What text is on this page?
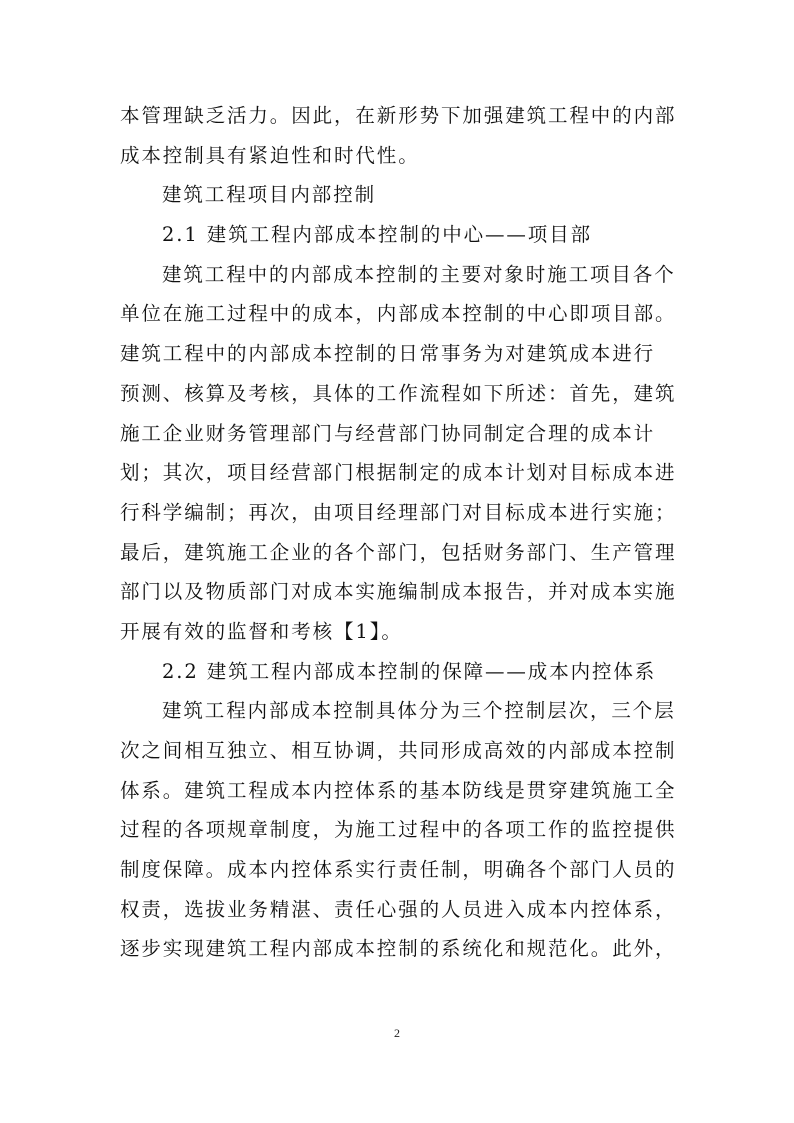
本管理缺乏活力。因此，在新形势下加强建筑工程中的内部
成本控制具有紧迫性和时代性。
建筑工程项目内部控制
2.1 建筑工程内部成本控制的中心——项目部
建筑工程中的内部成本控制的主要对象时施工项目各个
单位在施工过程中的成本，内部成本控制的中心即项目部。
建筑工程中的内部成本控制的日常事务为对建筑成本进行
预测、核算及考核，具体的工作流程如下所述：首先，建筑
施工企业财务管理部门与经营部门协同制定合理的成本计
划；其次，项目经营部门根据制定的成本计划对目标成本进
行科学编制；再次，由项目经理部门对目标成本进行实施；
最后，建筑施工企业的各个部门，包括财务部门、生产管理
部门以及物质部门对成本实施编制成本报告，并对成本实施
开展有效的监督和考核【1】。
2.2 建筑工程内部成本控制的保障——成本内控体系
建筑工程内部成本控制具体分为三个控制层次，三个层
次之间相互独立、相互协调，共同形成高效的内部成本控制
体系。建筑工程成本内控体系的基本防线是贯穿建筑施工全
过程的各项规章制度，为施工过程中的各项工作的监控提供
制度保障。成本内控体系实行责任制，明确各个部门人员的
权责，选拔业务精湛、责任心强的人员进入成本内控体系，
逐步实现建筑工程内部成本控制的系统化和规范化。此外，
2
